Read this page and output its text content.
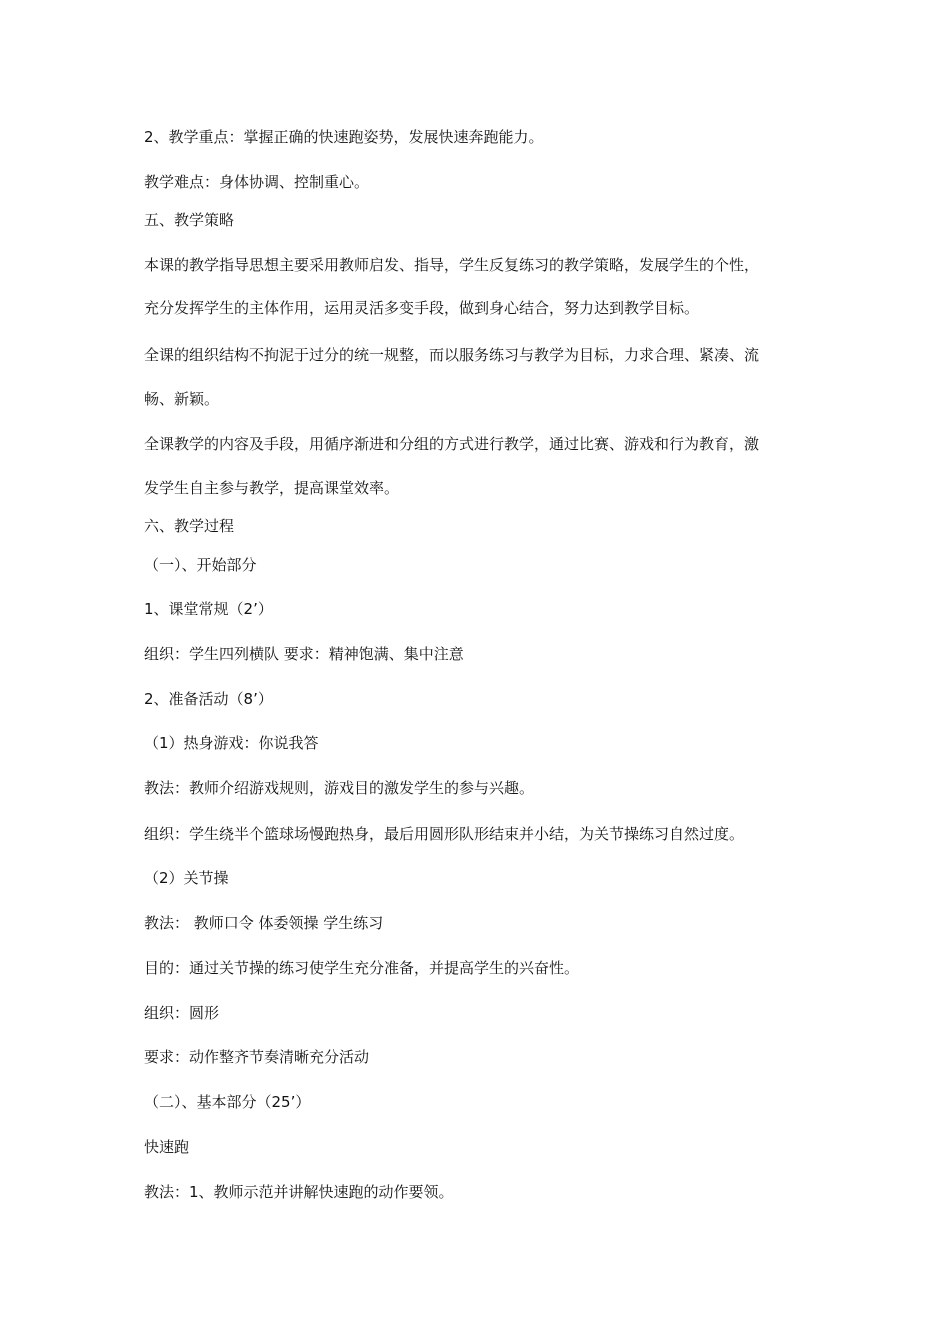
2、教学重点：掌握正确的快速跑姿势，发展快速奔跑能力。
教学难点：身体协调、控制重心。
五、教学策略
本课的教学指导思想主要采用教师启发、指导，学生反复练习的教学策略，发展学生的个性，
充分发挥学生的主体作用，运用灵活多变手段，做到身心结合，努力达到教学目标。
全课的组织结构不拘泥于过分的统一规整，而以服务练习与教学为目标，力求合理、紧凑、流
畅、新颖。
全课教学的内容及手段，用循序渐进和分组的方式进行教学，通过比赛、游戏和行为教育，激
发学生自主参与教学，提高课堂效率。
六、教学过程
（一）、开始部分
1、课堂常规（2’）
组织：学生四列横队 要求：精神饱满、集中注意
2、准备活动（8’）
（1）热身游戏：你说我答
教法：教师介绍游戏规则，游戏目的激发学生的参与兴趣。
组织：学生绕半个篮球场慢跑热身，最后用圆形队形结束并小结，为关节操练习自然过度。
（2）关节操
教法： 教师口令 体委领操 学生练习
目的：通过关节操的练习使学生充分准备，并提高学生的兴奋性。
组织：圆形
要求：动作整齐节奏清晰充分活动
（二）、基本部分（25’）
快速跑
教法：1、教师示范并讲解快速跑的动作要领。
